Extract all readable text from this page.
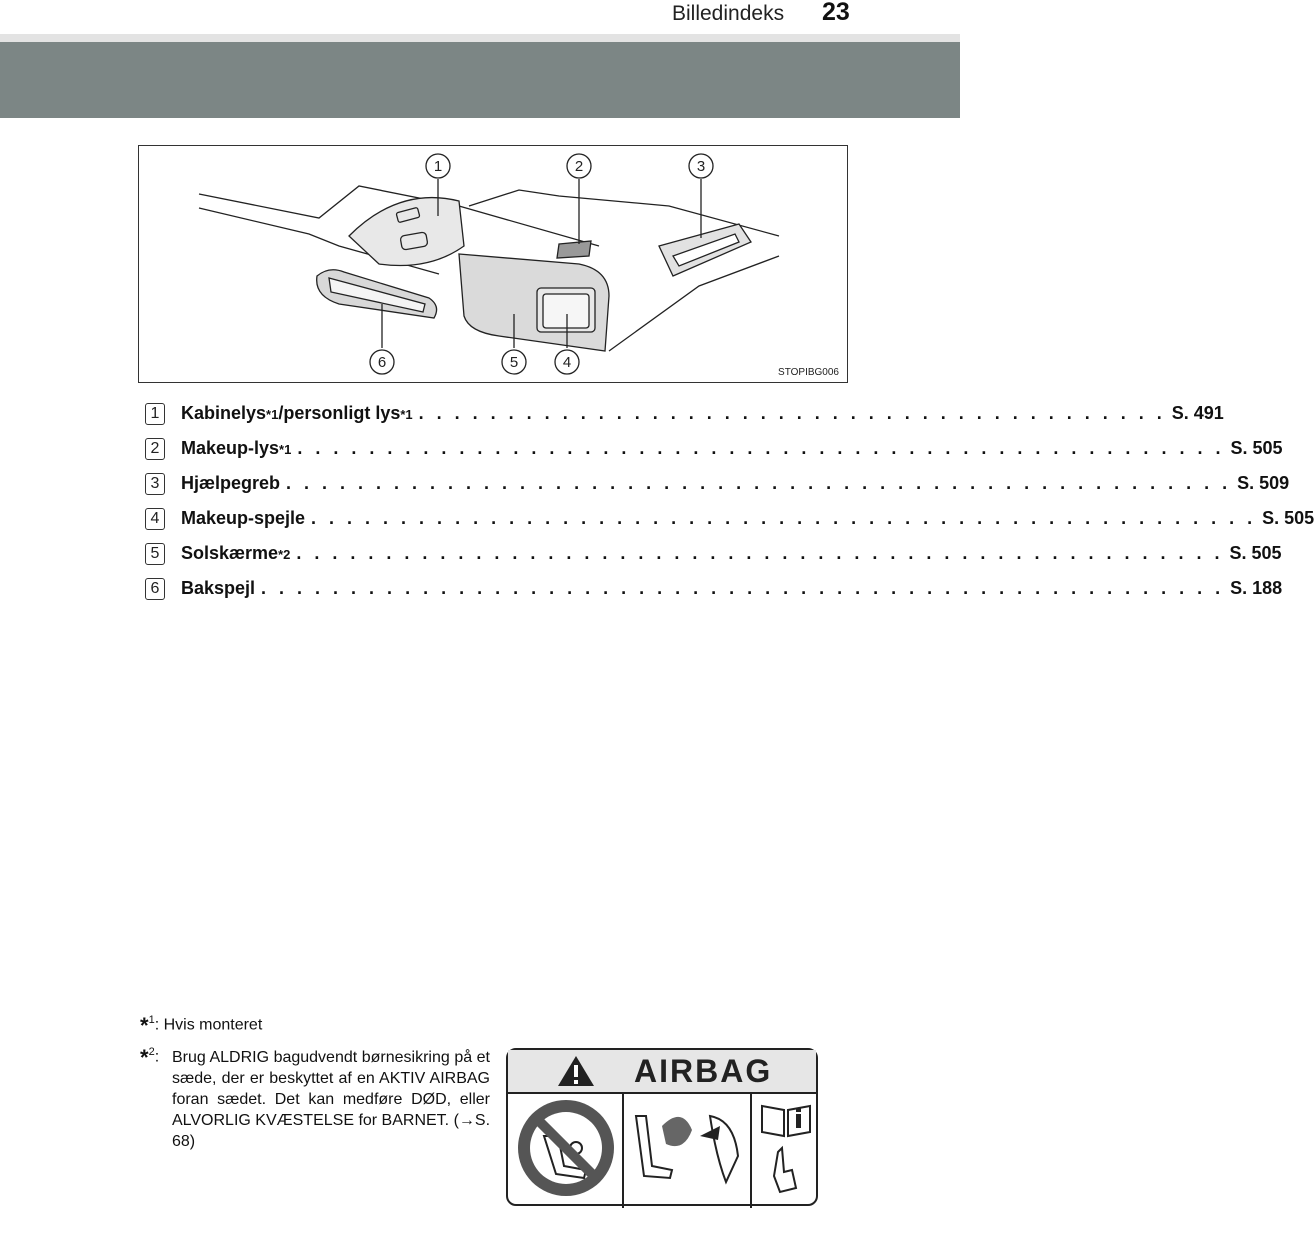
Billedindeks 23
1	2	3
4
5
6
STOPIBG006
1	Kabinelys *1 /personligt lys *1 . . . . . . . . . . . . . . . . . . . . . . . . . . . . . . . . . . . . . . . . . . S. 491
2	Makeup-lys *1 . . . . . . . . . . . . . . . . . . . . . . . . . . . . . . . . . . . . . . . . . . . . . . . . . . . . S. 505
3	Hjælpegreb . . . . . . . . . . . . . . . . . . . . . . . . . . . . . . . . . . . . . . . . . . . . . . . . . . . . . S. 509
4	Makeup-spejle . . . . . . . . . . . . . . . . . . . . . . . . . . . . . . . . . . . . . . . . . . . . . . . . . . . . . S. 505
5	Solskærme *2 . . . . . . . . . . . . . . . . . . . . . . . . . . . . . . . . . . . . . . . . . . . . . . . . . . . . S. 505
6	Bakspejl . . . . . . . . . . . . . . . . . . . . . . . . . . . . . . . . . . . . . . . . . . . . . . . . . . . . . . S. 188
*$^1$: Hvis monteret
*$^2$: Brug ALDRIG bagudvendt børnesikring på et sæde, der er beskyttet af en AKTIV AIRBAG foran sædet. Det kan medføre DØD, eller ALVORLIG KVÆSTELSE for BARNET. (→S. 68)
AIRBAG
